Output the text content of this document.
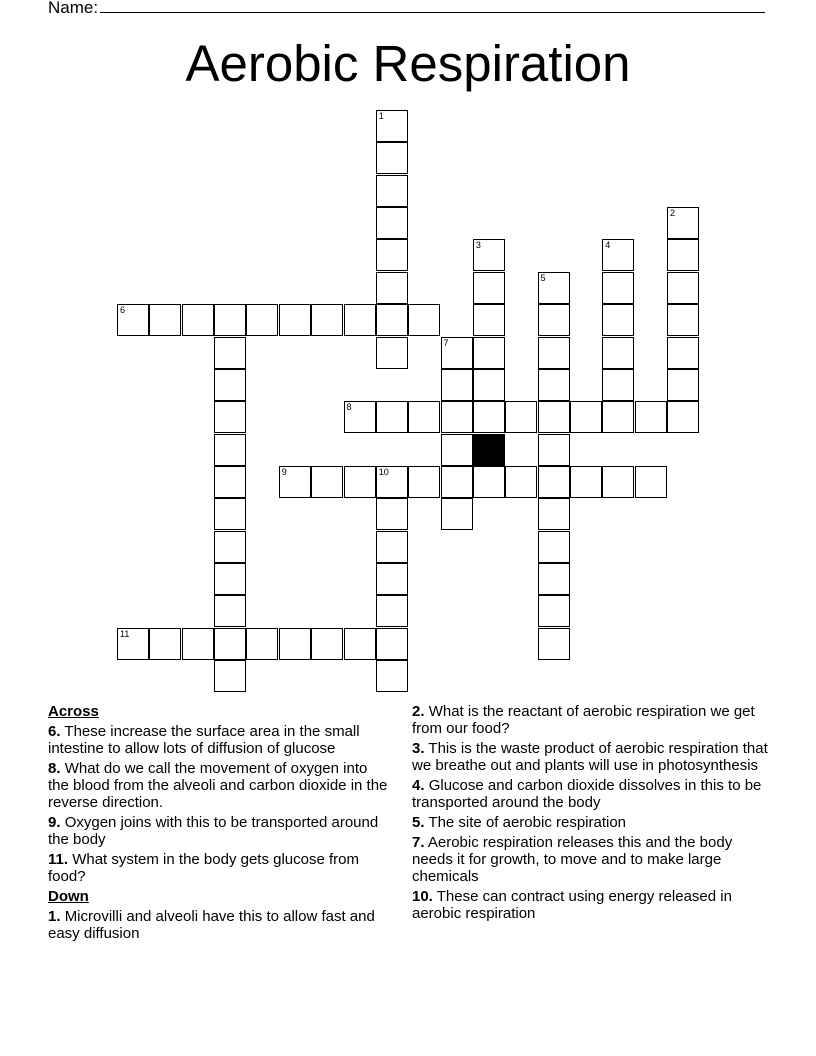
Name:
Aerobic Respiration
1
2
3	4
5
6
7
8
9	10
11
Across
6. These increase the surface area in the small intestine to allow lots of diffusion of glucose
8. What do we call the movement of oxygen into the blood from the alveoli and carbon dioxide in the reverse direction.
9. Oxygen joins with this to be transported around the body
11. What system in the body gets glucose from food?
Down
1. Microvilli and alveoli have this to allow fast and easy diffusion
2. What is the reactant of aerobic respiration we get from our food?
3. This is the waste product of aerobic respiration that we breathe out and plants will use in photosynthesis
4. Glucose and carbon dioxide dissolves in this to be transported around the body
5. The site of aerobic respiration
7. Aerobic respiration releases this and the body needs it for growth, to move and to make large chemicals
10. These can contract using energy released in aerobic respiration
